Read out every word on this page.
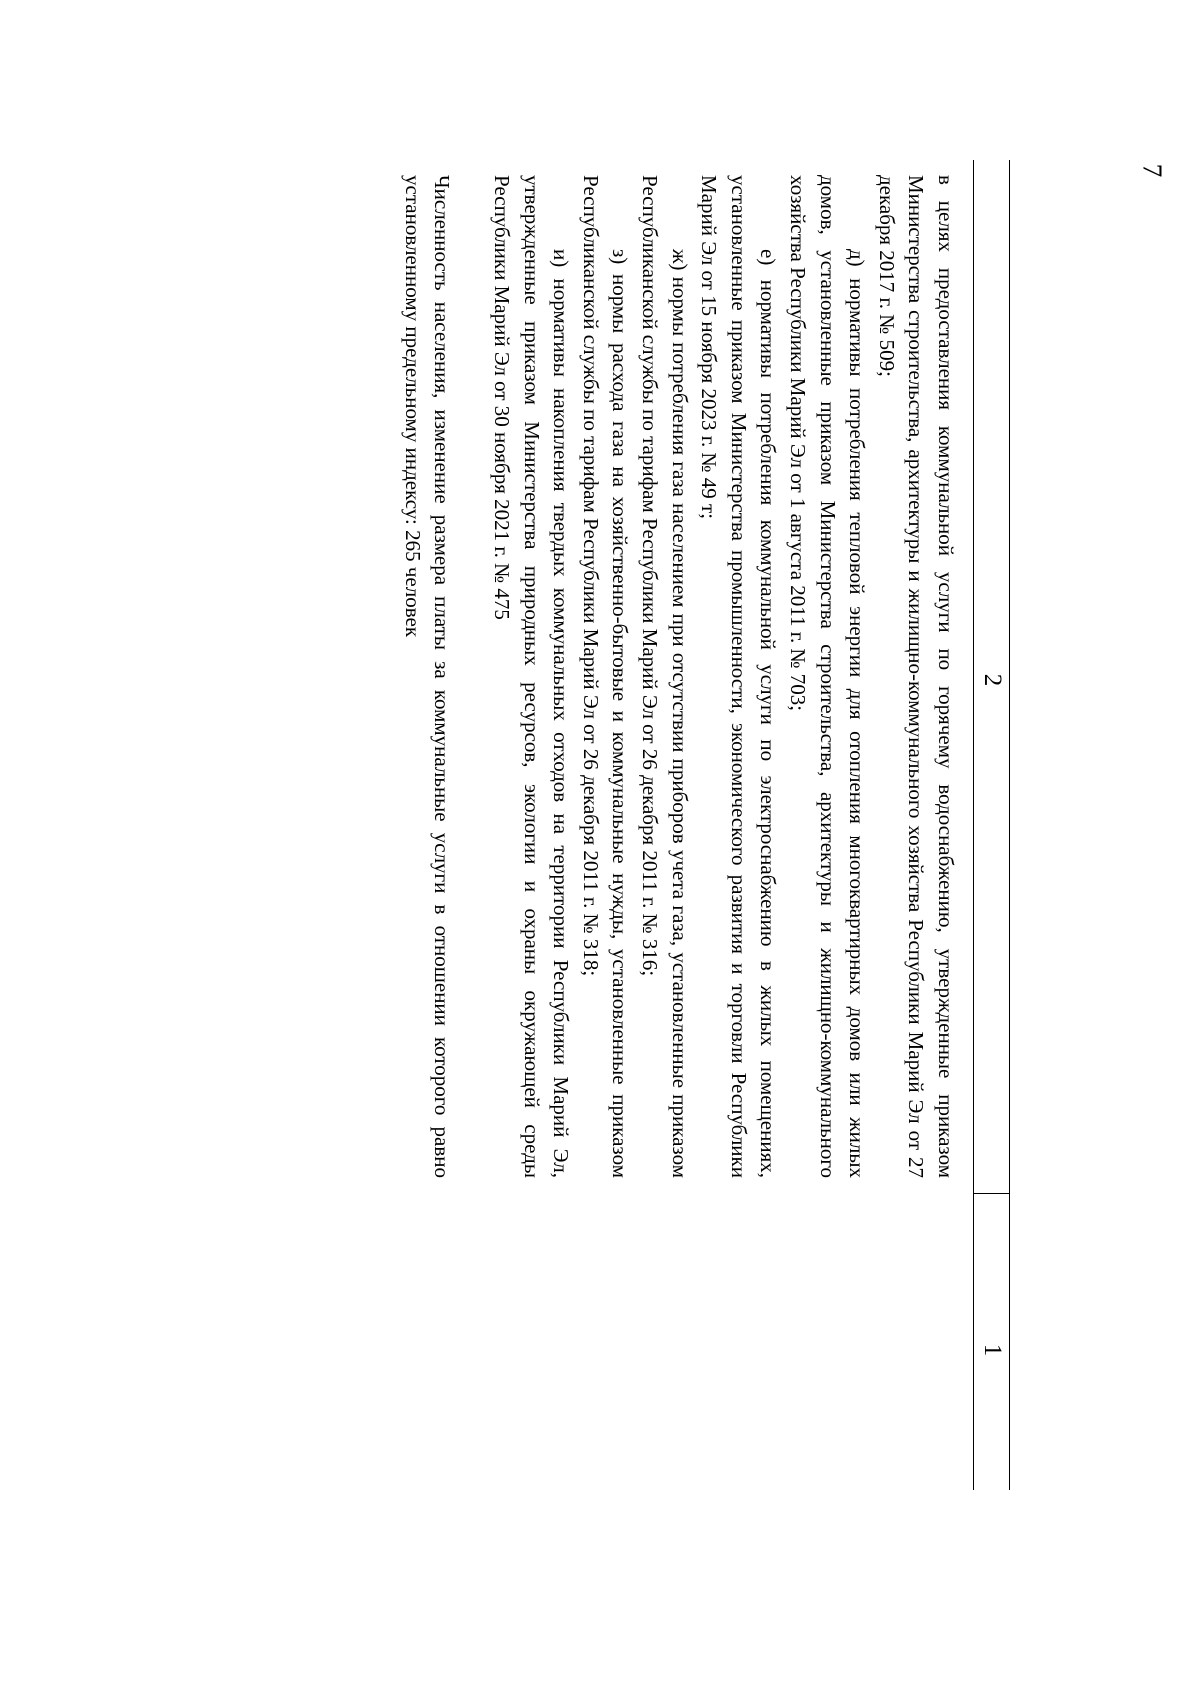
7
1
2

в целях предоставления коммунальной услуги по горячему водоснабжению, утвержденные приказом Министерства строительства, архитектуры и жилищно-коммунального хозяйства Республики Марий Эл от 27 декабря 2017 г. № 509;

д) нормативы потребления тепловой энергии для отопления многоквартирных домов или жилых домов, установленные приказом Министерства строительства, архитектуры и жилищно-коммунального хозяйства Республики Марий Эл от 1 августа 2011 г. № 703;

е) нормативы потребления коммунальной услуги по электроснабжению в жилых помещениях, установленные приказом Министерства промышленности, экономического развития и торговли Республики Марий Эл от 15 ноября 2023 г. № 49 т;

ж) нормы потребления газа населением при отсутствии приборов учета газа, установленные приказом Республиканской службы по тарифам Республики Марий Эл от 26 декабря 2011 г. № 316;

з) нормы расхода газа на хозяйственно-бытовые и коммунальные нужды, установленные приказом Республиканской службы по тарифам Республики Марий Эл от 26 декабря 2011 г. № 318;

и) нормативы накопления твердых коммунальных отходов на территории Республики Марий Эл, утвержденные приказом Министерства природных ресурсов, экологии и охраны окружающей среды Республики Марий Эл от 30 ноября 2021 г. № 475

Численность населения, изменение размера платы за коммунальные услуги в отношении которого равно установленному предельному индексу: 265 человек
